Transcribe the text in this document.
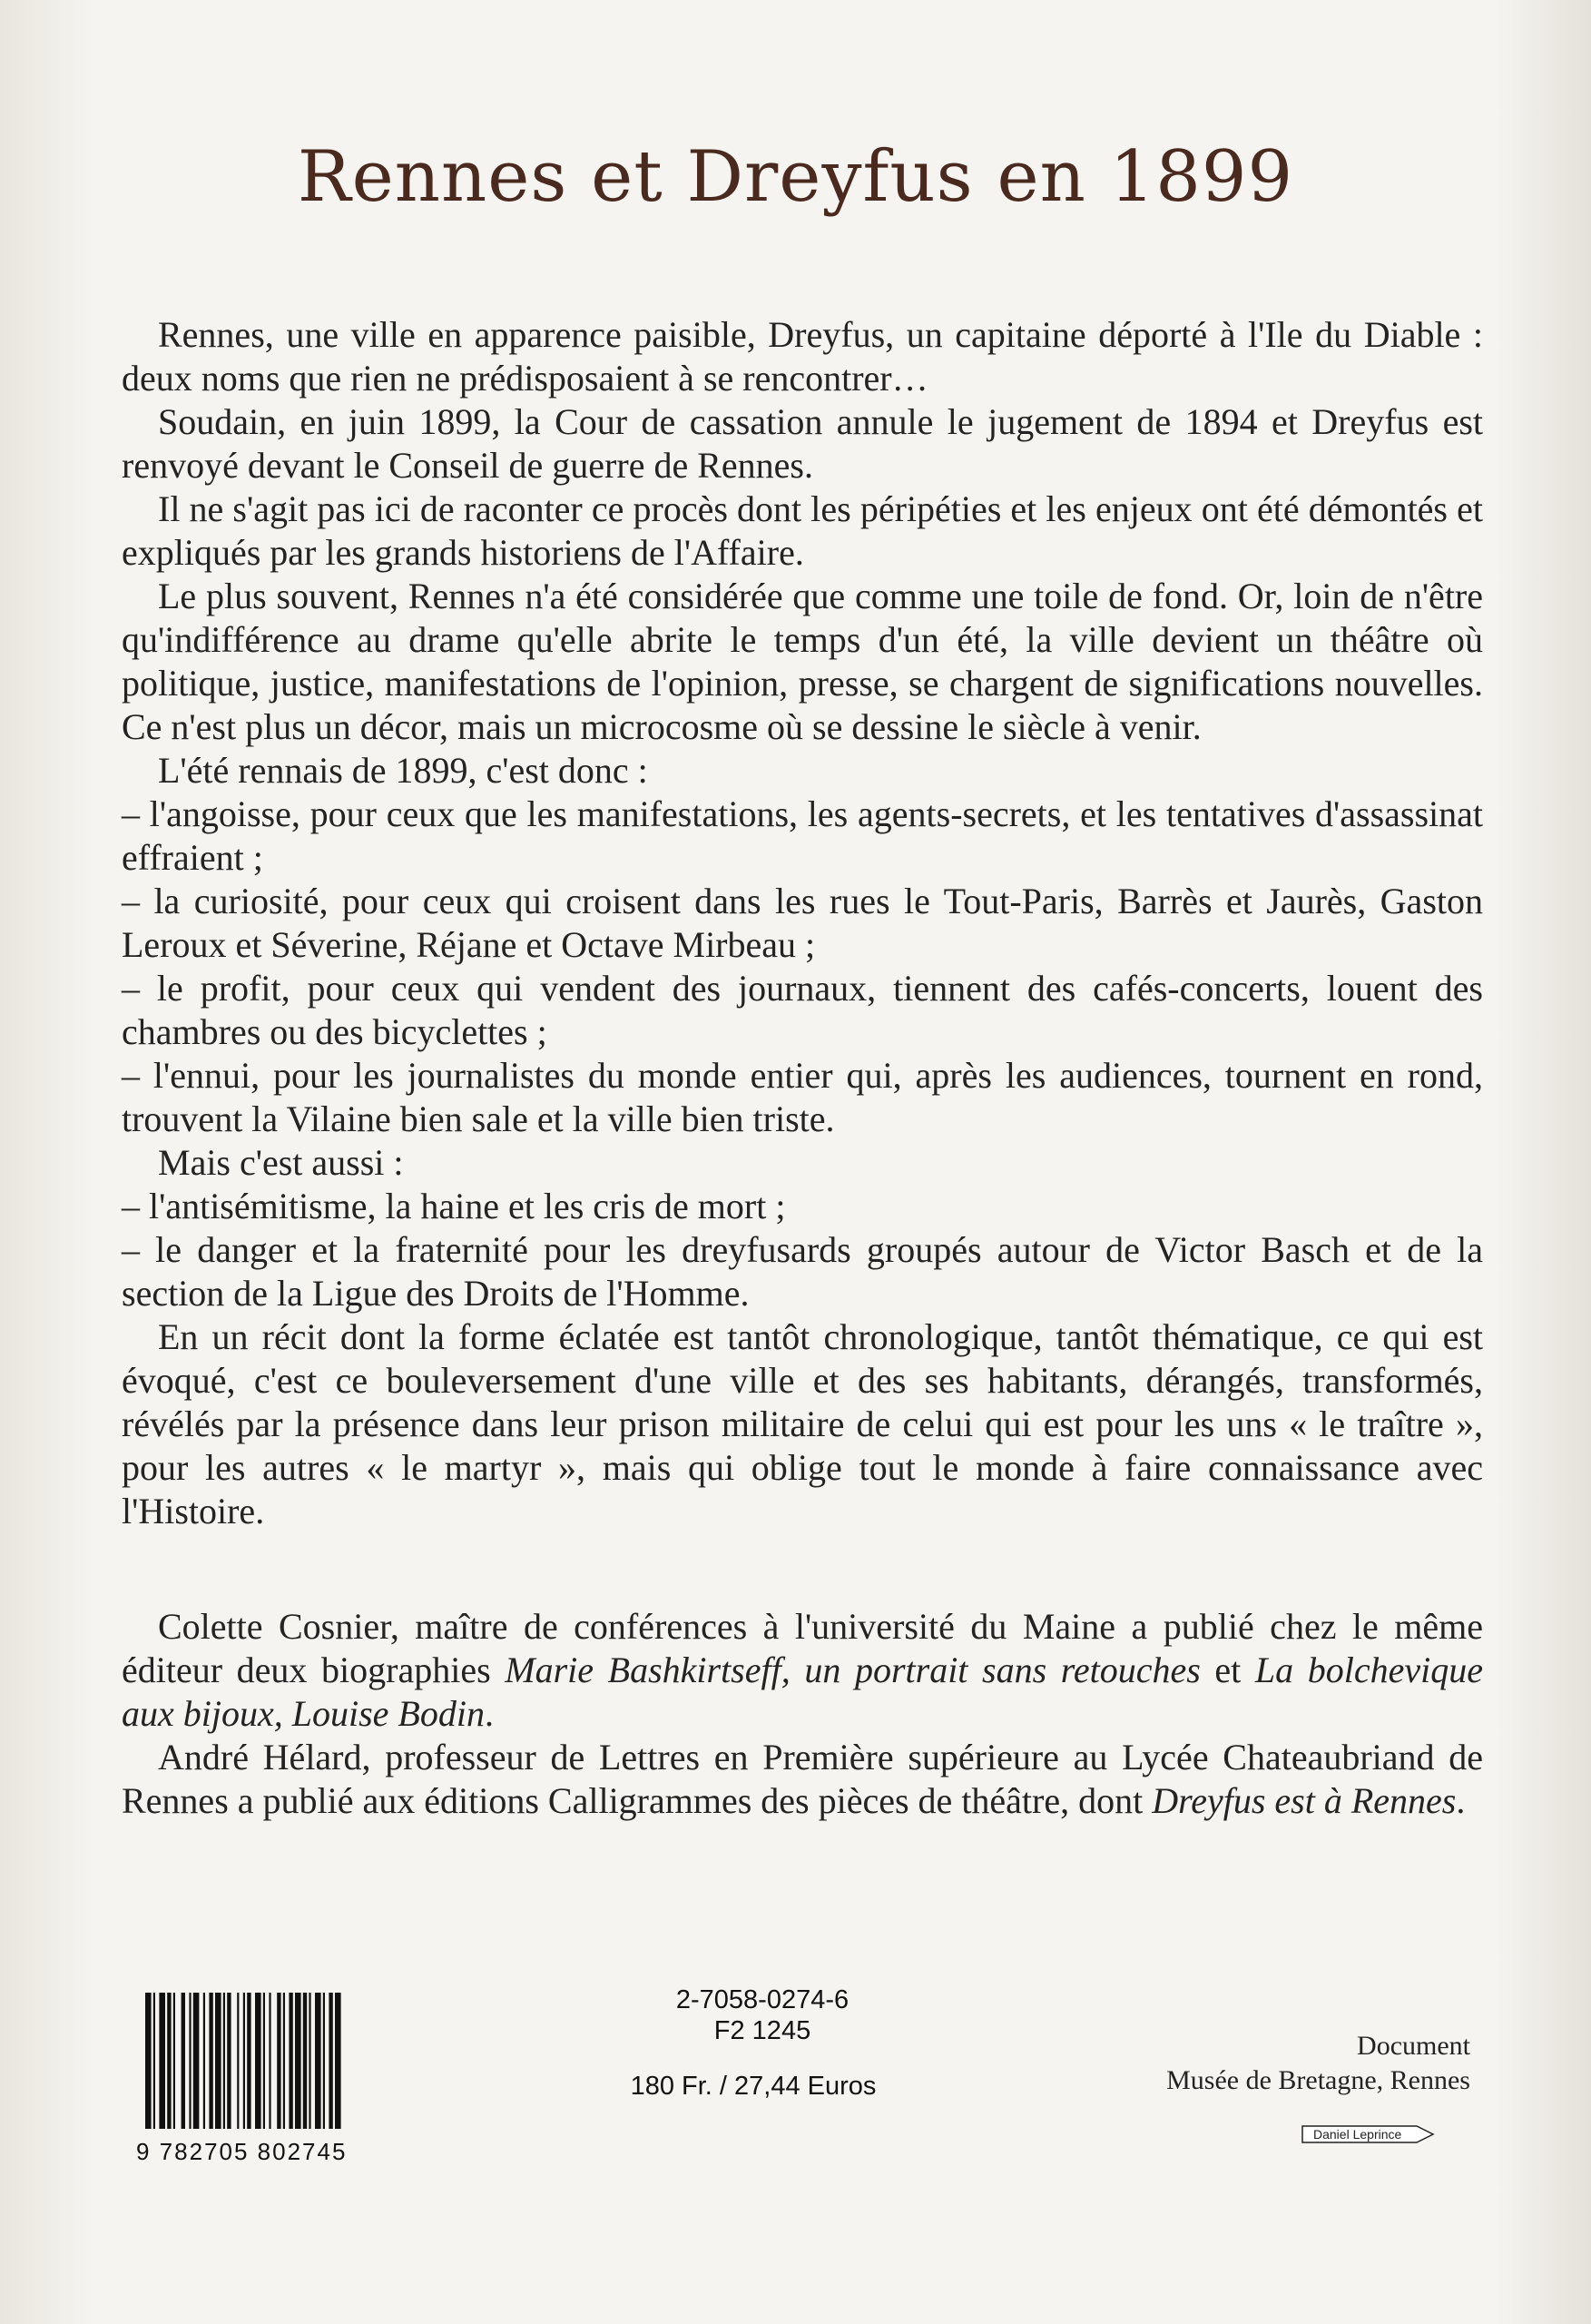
Rennes et Dreyfus en 1899

Rennes, une ville en apparence paisible, Dreyfus, un capitaine déporté à l'Ile du Diable : deux noms que rien ne prédisposaient à se rencontrer…

Soudain, en juin 1899, la Cour de cassation annule le jugement de 1894 et Dreyfus est renvoyé devant le Conseil de guerre de Rennes.

Il ne s'agit pas ici de raconter ce procès dont les péripéties et les enjeux ont été démontés et expliqués par les grands historiens de l'Affaire.

Le plus souvent, Rennes n'a été considérée que comme une toile de fond. Or, loin de n'être qu'indifférence au drame qu'elle abrite le temps d'un été, la ville devient un théâtre où politique, justice, manifestations de l'opinion, presse, se chargent de significations nouvelles. Ce n'est plus un décor, mais un microcosme où se dessine le siècle à venir.

L'été rennais de 1899, c'est donc :

– l'angoisse, pour ceux que les manifestations, les agents-secrets, et les tentatives d'assassinat effraient ;

– la curiosité, pour ceux qui croisent dans les rues le Tout-Paris, Barrès et Jaurès, Gaston Leroux et Séverine, Réjane et Octave Mirbeau ;

– le profit, pour ceux qui vendent des journaux, tiennent des cafés-concerts, louent des chambres ou des bicyclettes ;

– l'ennui, pour les journalistes du monde entier qui, après les audiences, tournent en rond, trouvent la Vilaine bien sale et la ville bien triste.

Mais c'est aussi :

– l'antisémitisme, la haine et les cris de mort ;

– le danger et la fraternité pour les dreyfusards groupés autour de Victor Basch et de la section de la Ligue des Droits de l'Homme.

En un récit dont la forme éclatée est tantôt chronologique, tantôt thématique, ce qui est évoqué, c'est ce bouleversement d'une ville et des ses habitants, dérangés, transformés, révélés par la présence dans leur prison militaire de celui qui est pour les uns « le traître », pour les autres « le martyr », mais qui oblige tout le monde à faire connaissance avec l'Histoire.

Colette Cosnier, maître de conférences à l'université du Maine a publié chez le même éditeur deux biographies Marie Bashkirtseff, un portrait sans retouches et La bolchevique aux bijoux, Louise Bodin.

André Hélard, professeur de Lettres en Première supérieure au Lycée Chateaubriand de Rennes a publié aux éditions Calligrammes des pièces de théâtre, dont Dreyfus est à Rennes.

9 782705 802745
2-7058-0274-6
F2 1245
180 Fr. / 27,44 Euros
Document
Musée de Bretagne, Rennes
Daniel Leprince
